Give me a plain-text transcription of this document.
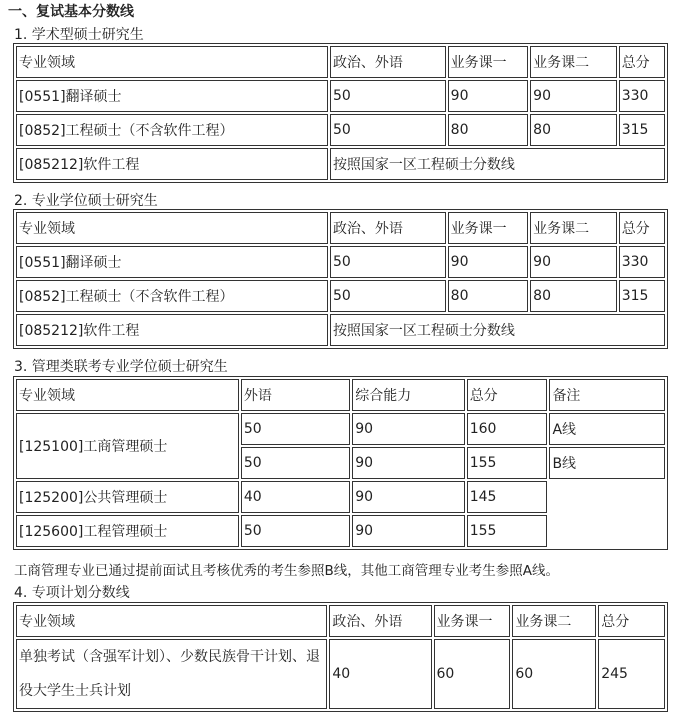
一、复试基本分数线
1. 学术型硕士研究生
专业领域	政治、外语	业务课一	业务课二	总分
[0551]翻译硕士	50	90	90	330
[0852]工程硕士（不含软件工程）	50	80	80	315
[085212]软件工程	按照国家一区工程硕士分数线			
2. 专业学位硕士研究生
专业领域	政治、外语	业务课一	业务课二	总分
[0551]翻译硕士	50	90	90	330
[0852]工程硕士（不含软件工程）	50	80	80	315
[085212]软件工程	按照国家一区工程硕士分数线			
3. 管理类联考专业学位硕士研究生
专业领域	外语	综合能力	总分	备注
[125100]工商管理硕士	50	90	160	A线
	50	90	155	B线
[125200]公共管理硕士	40	90	145	
[125600]工程管理硕士	50	90	155	
工商管理专业已通过提前面试且考核优秀的考生参照B线，其他工商管理专业考生参照A线。
4. 专项计划分数线
专业领域	政治、外语	业务课一	业务课二	总分
单独考试（含强军计划）、少数民族骨干计划、退役大学生士兵计划	40	60	60	245
